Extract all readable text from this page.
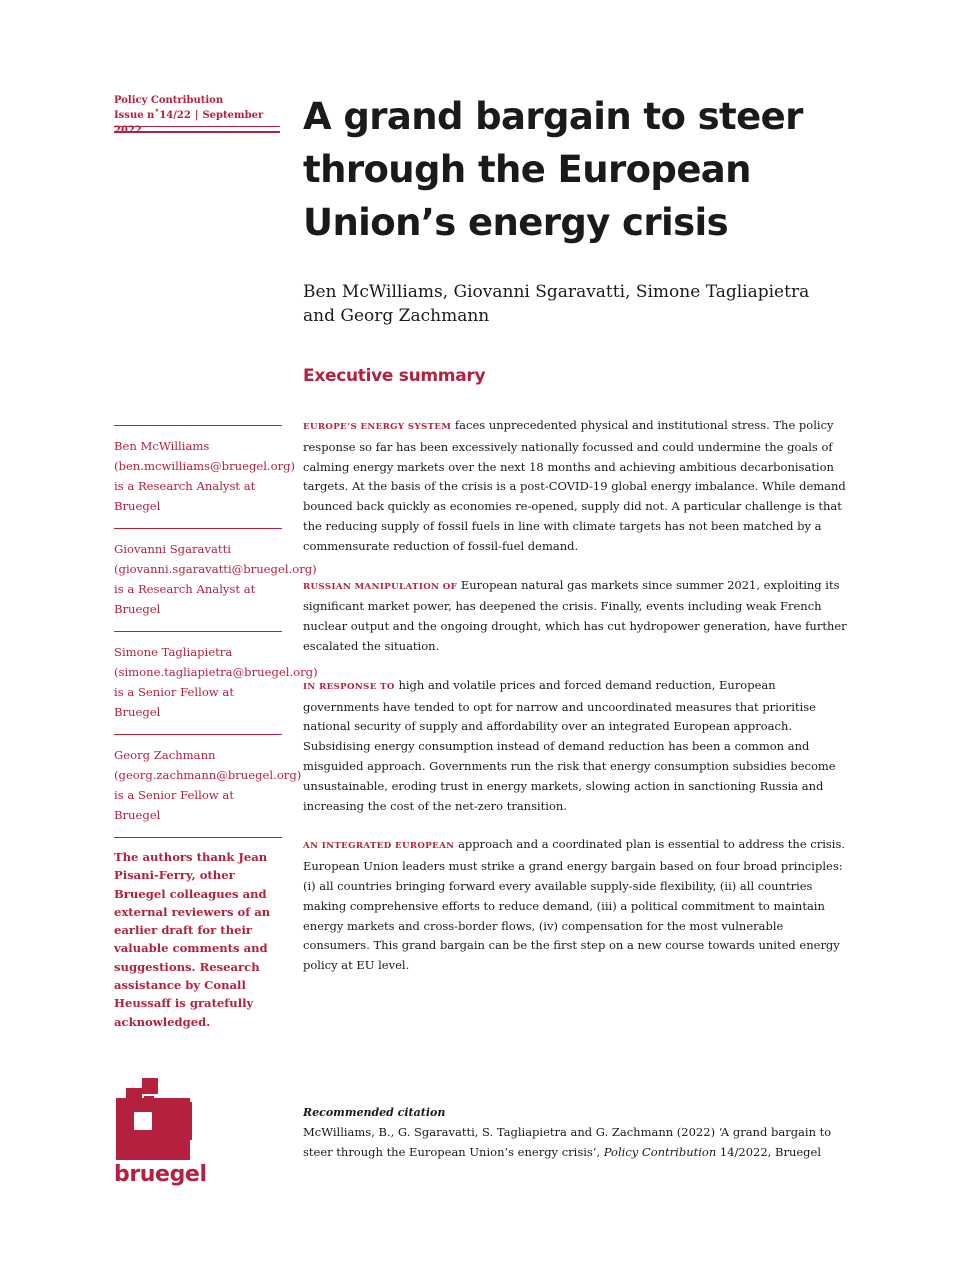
Policy Contribution
Issue n˚14/22 | September	A grand bargain to steer
through the European
Union’s energy crisis
Ben McWilliams, Giovanni Sgaravatti, Simone Tagliapietra
and Georg Zachmann
Executive summary
Ben McWilliams (ben.mcwilliams@bruegel.org) is a Research Analyst at Bruegel
Giovanni Sgaravatti (giovanni.sgaravatti@bruegel.org) is a Research Analyst at Bruegel
Simone Tagliapietra (simone.tagliapietra@bruegel.org) is a Senior Fellow at Bruegel
Georg Zachmann (georg.zachmann@bruegel.org) is a Senior Fellow at Bruegel
The authors thank Jean Pisani-Ferry, other Bruegel colleagues and external reviewers of an earlier draft for their valuable comments and suggestions. Research assistance by Conall Heussaff is gratefully acknowledged.

EUROPE’S ENERGY SYSTEM faces unprecedented physical and institutional stress. The policy response so far has been excessively nationally focussed and could undermine the goals of calming energy markets over the next 18 months and achieving ambitious decarbonisation targets. At the basis of the crisis is a post-COVID-19 global energy imbalance. While demand bounced back quickly as economies re-opened, supply did not. A particular challenge is that the reducing supply of fossil fuels in line with climate targets has not been matched by a commensurate reduction of fossil-fuel demand.

RUSSIAN MANIPULATION OF European natural gas markets since summer 2021, exploiting its significant market power, has deepened the crisis. Finally, events including weak French nuclear output and the ongoing drought, which has cut hydropower generation, have further escalated the situation.

IN RESPONSE TO high and volatile prices and forced demand reduction, European governments have tended to opt for narrow and uncoordinated measures that prioritise national security of supply and affordability over an integrated European approach. Subsidising energy consumption instead of demand reduction has been a common and misguided approach. Governments run the risk that energy consumption subsidies become unsustainable, eroding trust in energy markets, slowing action in sanctioning Russia and increasing the cost of the net-zero transition.

AN INTEGRATED EUROPEAN approach and a coordinated plan is essential to address the crisis. European Union leaders must strike a grand energy bargain based on four broad principles: (i) all countries bringing forward every available supply-side flexibility, (ii) all countries making comprehensive efforts to reduce demand, (iii) a political commitment to maintain energy markets and cross-border flows, (iv) compensation for the most vulnerable consumers. This grand bargain can be the first step on a new course towards united energy policy at EU level.

Recommended citation
McWilliams, B., G. Sgaravatti, S. Tagliapietra and G. Zachmann (2022) ‘A grand bargain to steer through the European Union’s energy crisis’, Policy Contribution 14/2022, Bruegel
bruegel
